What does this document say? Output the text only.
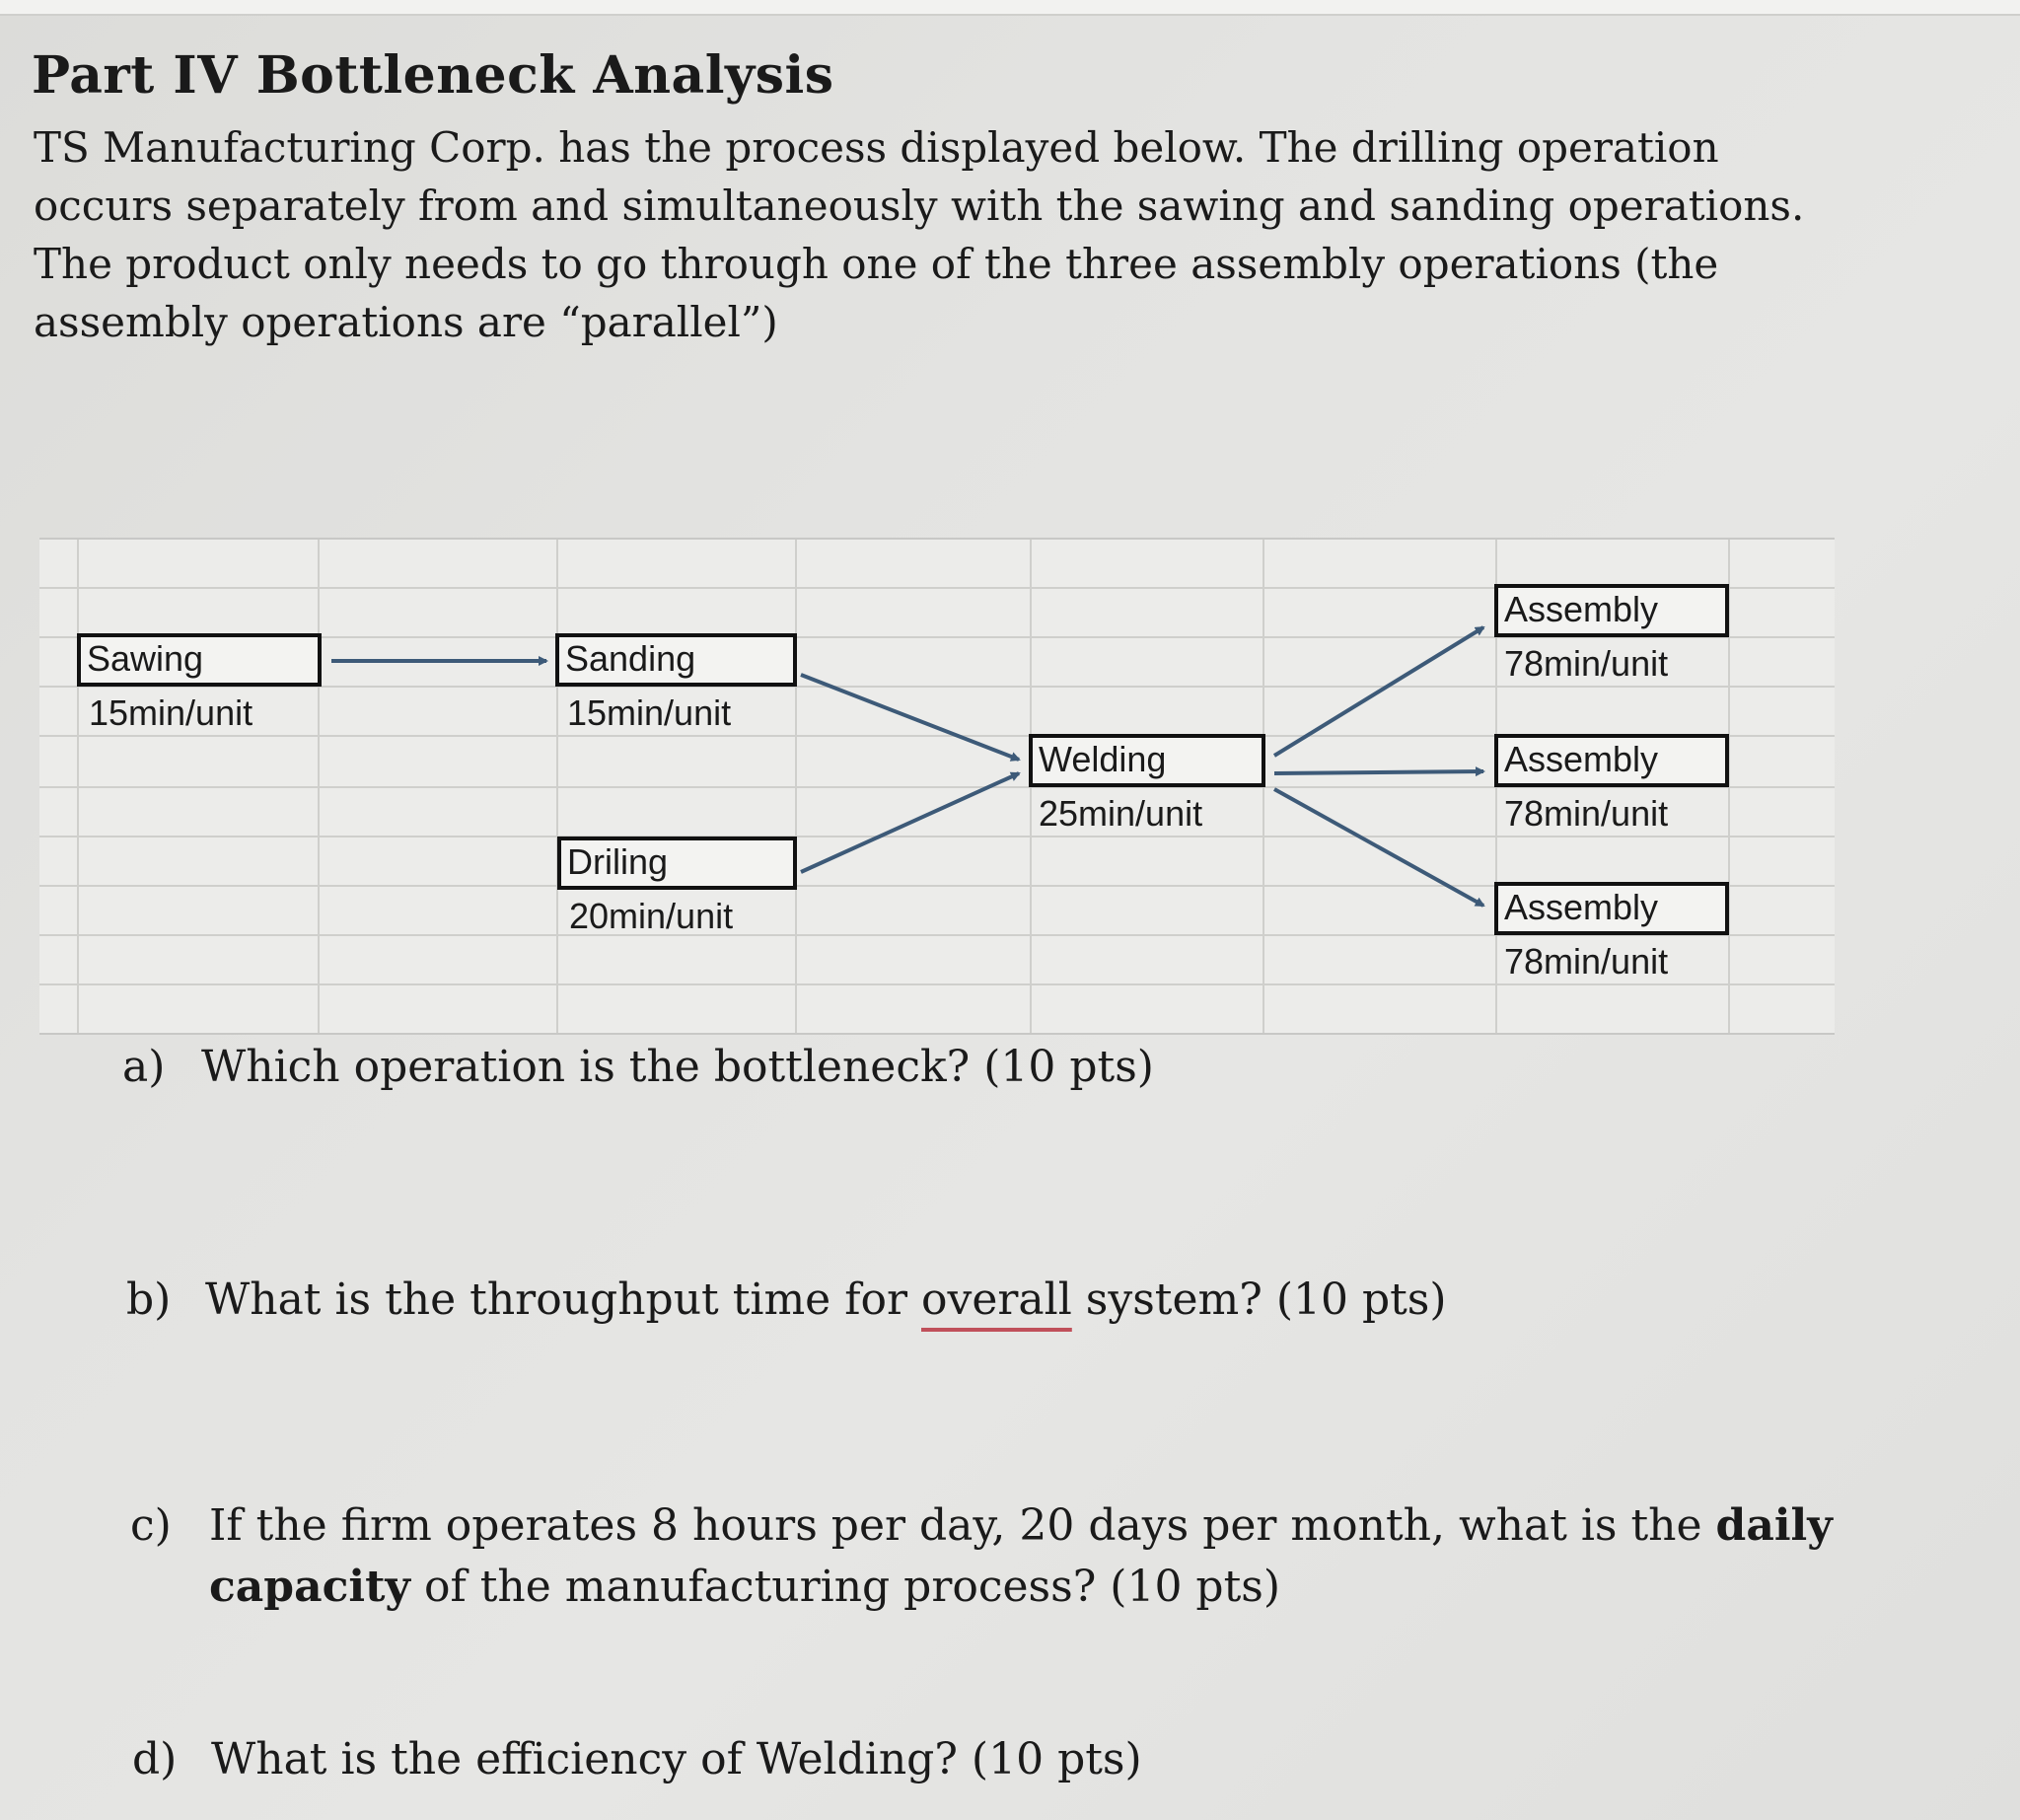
Part IV Bottleneck Analysis
TS Manufacturing Corp. has the process displayed below. The drilling operation
occurs separately from and simultaneously with the sawing and sanding operations.
The product only needs to go through one of the three assembly operations (the
assembly operations are “parallel”)
Sawing
15min/unit
Sanding
15min/unit
Driling
20min/unit
Welding
25min/unit
Assembly
78min/unit
Assembly
78min/unit
Assembly
78min/unit
a) Which operation is the bottleneck? (10 pts)
b) What is the throughput time for overall system? (10 pts)
c) If the firm operates 8 hours per day, 20 days per month, what is the daily
capacity of the manufacturing process? (10 pts)
d) What is the efficiency of Welding? (10 pts)
